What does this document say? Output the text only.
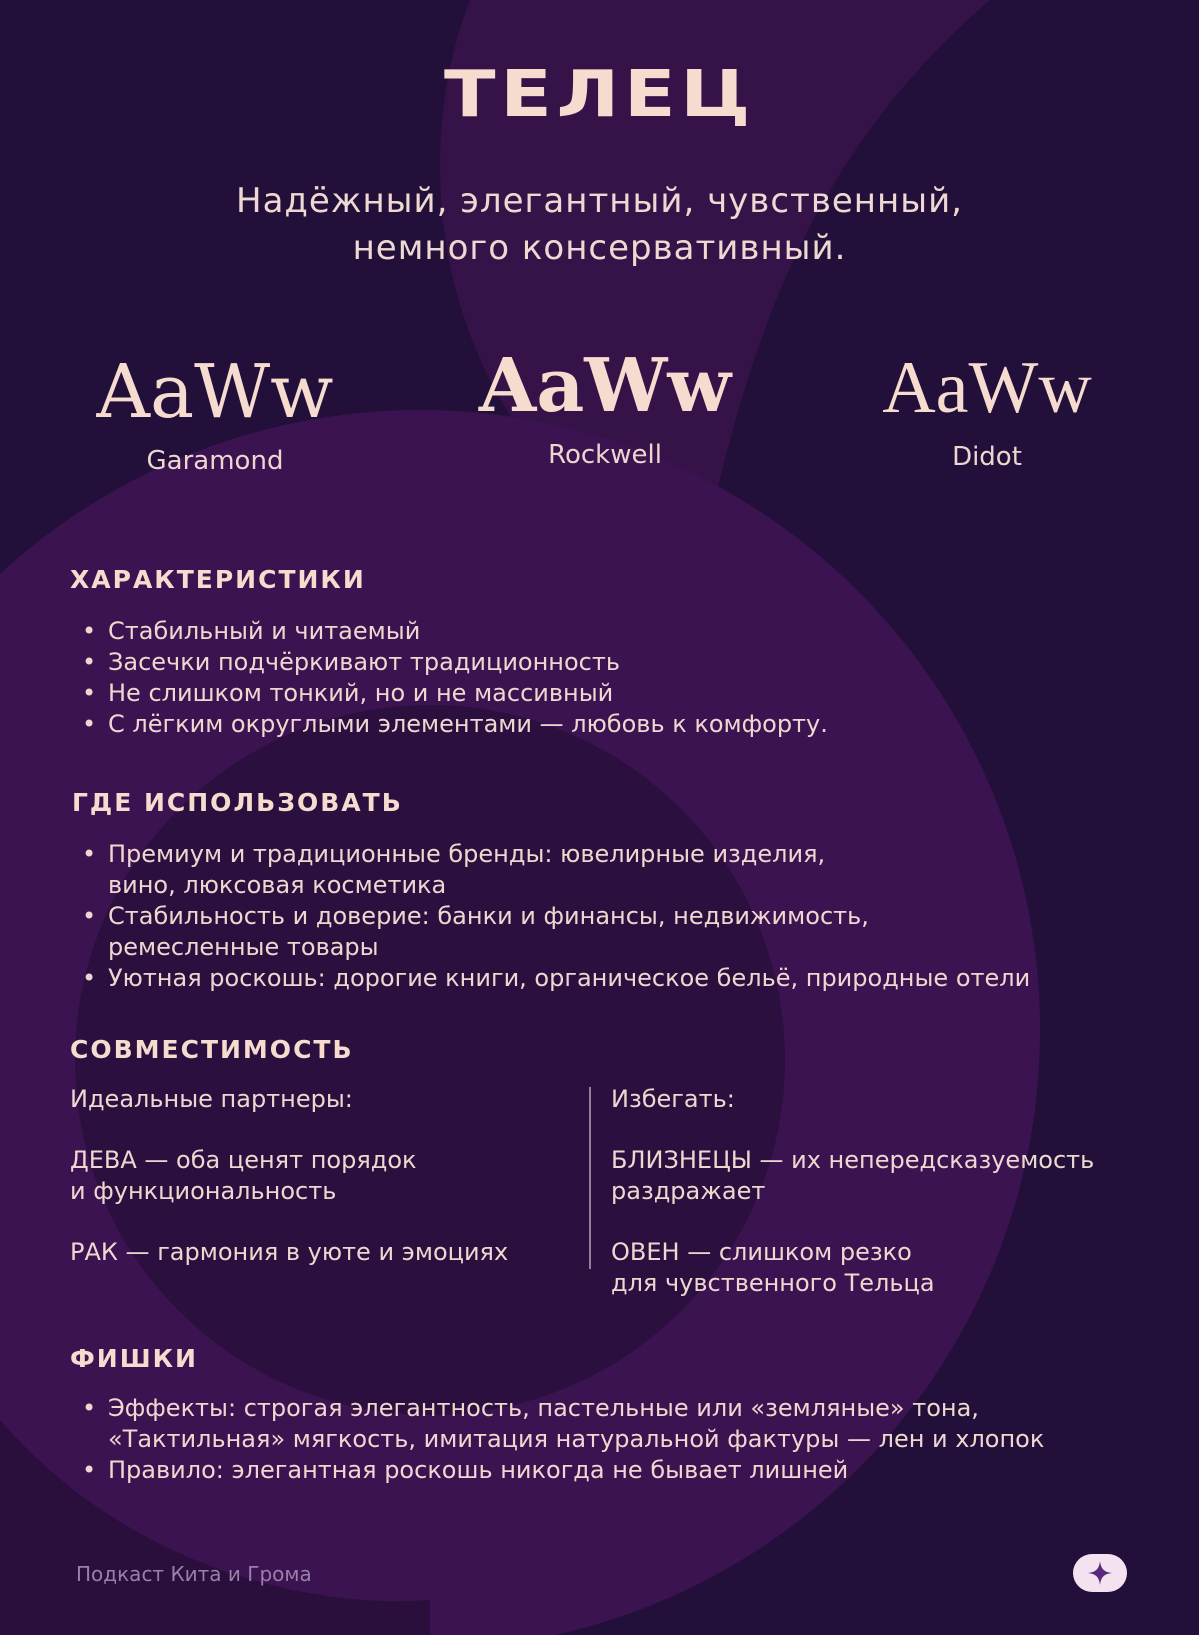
ТЕЛЕЦ
Надёжный, элегантный, чувственный,
немного консервативный.
AaWw
Garamond
AaWw
Rockwell
AaWw
Didot
ХАРАКТЕРИСТИКИ
• Стабильный и читаемый
• Засечки подчёркивают традиционность
• Не слишком тонкий, но и не массивный
• С лёгким округлыми элементами — любовь к комфорту.
ГДЕ ИСПОЛЬЗОВАТЬ
• Премиум и традиционные бренды: ювелирные изделия,
вино, люксовая косметика
• Стабильность и доверие: банки и финансы, недвижимость,
ремесленные товары
• Уютная роскошь: дорогие книги, органическое бельё, природные отели
СОВМЕСТИМОСТЬ

Идеальные партнеры:

ДЕВА — оба ценят порядок
и функциональность

РАК — гармония в уюте и эмоциях

Избегать:

БЛИЗНЕЦЫ — их непередсказуемость
раздражает

ОВЕН — слишком резко
для чувственного Тельца

ФИШКИ
• Эффекты: строгая элегантность, пастельные или «земляные» тона,
«Тактильная» мягкость, имитация натуральной фактуры — лен и хлопок
• Правило: элегантная роскошь никогда не бывает лишней
Подкаст Кита и Грома
